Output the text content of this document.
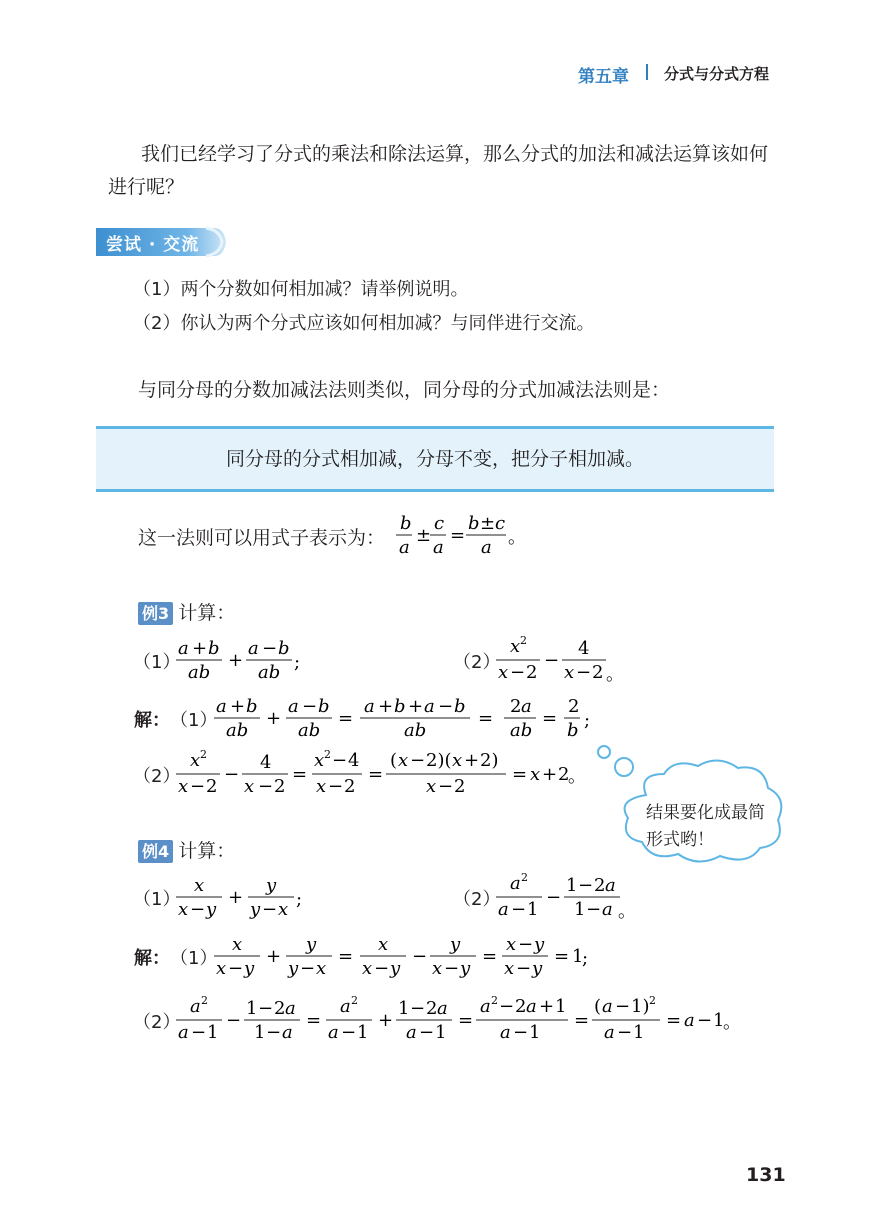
第五章 分式与分式方程
我们已经学习了分式的乘法和除法运算，那么分式的加法和减法运算该如何进行呢？
尝试 · 交流
（1）两个分数如何相加减？请举例说明。
（2）你认为两个分式应该如何相加减？与同伴进行交流。
与同分母的分数加减法法则类似，同分母的分式加减法法则是：
同分母的分式相加减，分母不变，把分子相加减。
这一法则可以用式子表示为：
b
a
±
c
a
=
b ± c
a 。
例3 计算：
（1）
a + b
ab
+
a − b
ab ;	（2）
x 2
x − 2
−
4
x − 2 。
解： （1）
a + b
ab
+
a − b
ab
=
a + b + a − b
ab
=
2 a
ab
=
2
b ;
（2）
x 2
x − 2
−
4
x − 2
=
x 2 − 4
x − 2
=
( x − 2)( x + 2)
x − 2
= x + 2
。
结果要化成最简形式哟！
例4 计算：
（1）
x
x − y
+
y
y − x ;	（2）
a 2
a − 1
−
1 − 2 a
1 − a 。
解： （1）
x
x − y
+
y
y − x
=
x
x − y
−
y
x − y
=
x − y
x − y
= 1
;
（2）
a 2
a − 1
−
1 − 2 a
1 − a
=
a 2
a − 1
+
1 − 2 a
a − 1
=
a 2 − 2 a + 1
a − 1
=
( a − 1) 2
a − 1
= a − 1
。
131
